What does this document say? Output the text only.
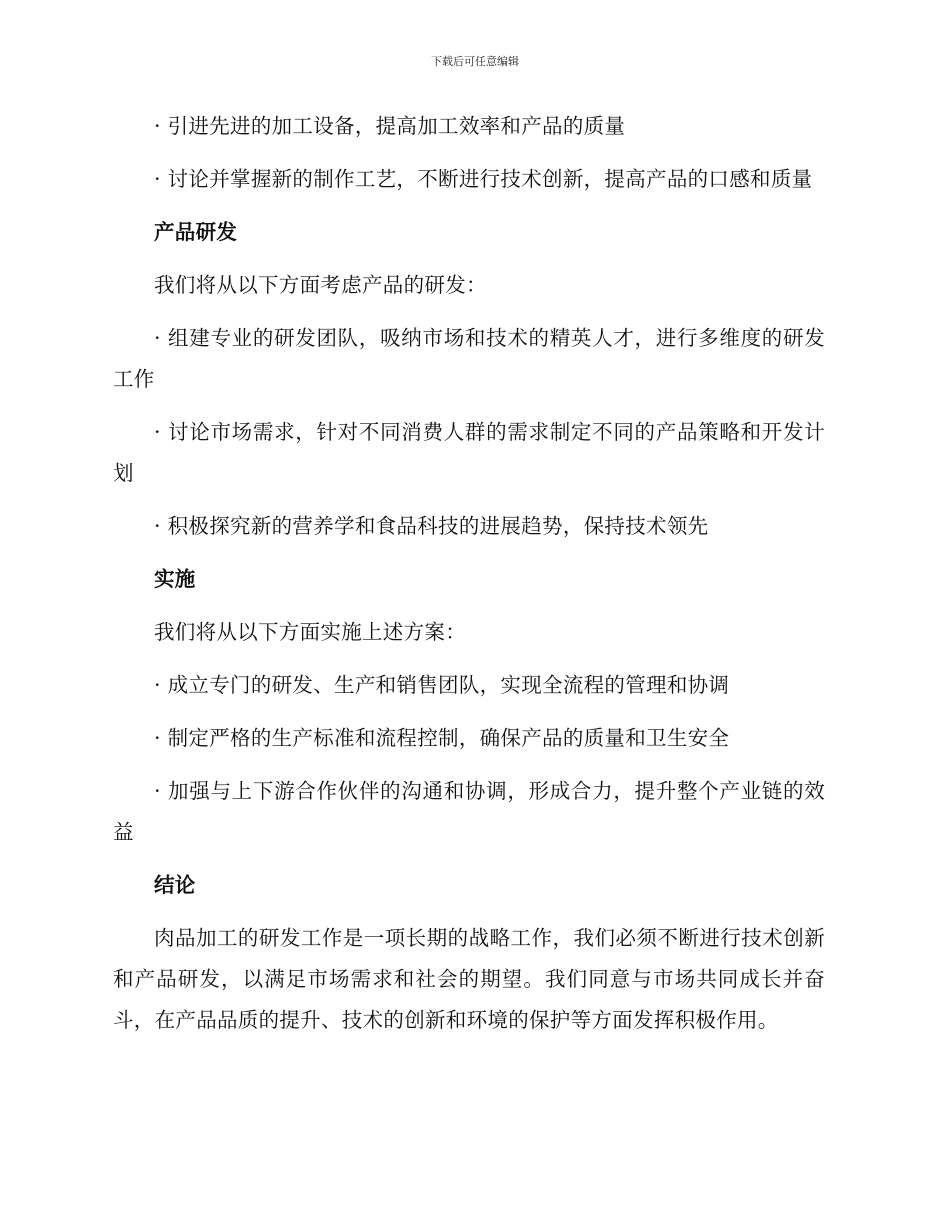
下载后可任意编辑

· 引进先进的加工设备，提高加工效率和产品的质量

· 讨论并掌握新的制作工艺，不断进行技术创新，提高产品的口感和质量

产品研发

我们将从以下方面考虑产品的研发：

· 组建专业的研发团队，吸纳市场和技术的精英人才，进行多维度的研发工作

· 讨论市场需求，针对不同消费人群的需求制定不同的产品策略和开发计划

· 积极探究新的营养学和食品科技的进展趋势，保持技术领先

实施

我们将从以下方面实施上述方案：

· 成立专门的研发、生产和销售团队，实现全流程的管理和协调

· 制定严格的生产标准和流程控制，确保产品的质量和卫生安全

· 加强与上下游合作伙伴的沟通和协调，形成合力，提升整个产业链的效益

结论

肉品加工的研发工作是一项长期的战略工作，我们必须不断进行技术创新和产品研发，以满足市场需求和社会的期望。我们同意与市场共同成长并奋斗，在产品品质的提升、技术的创新和环境的保护等方面发挥积极作用。
